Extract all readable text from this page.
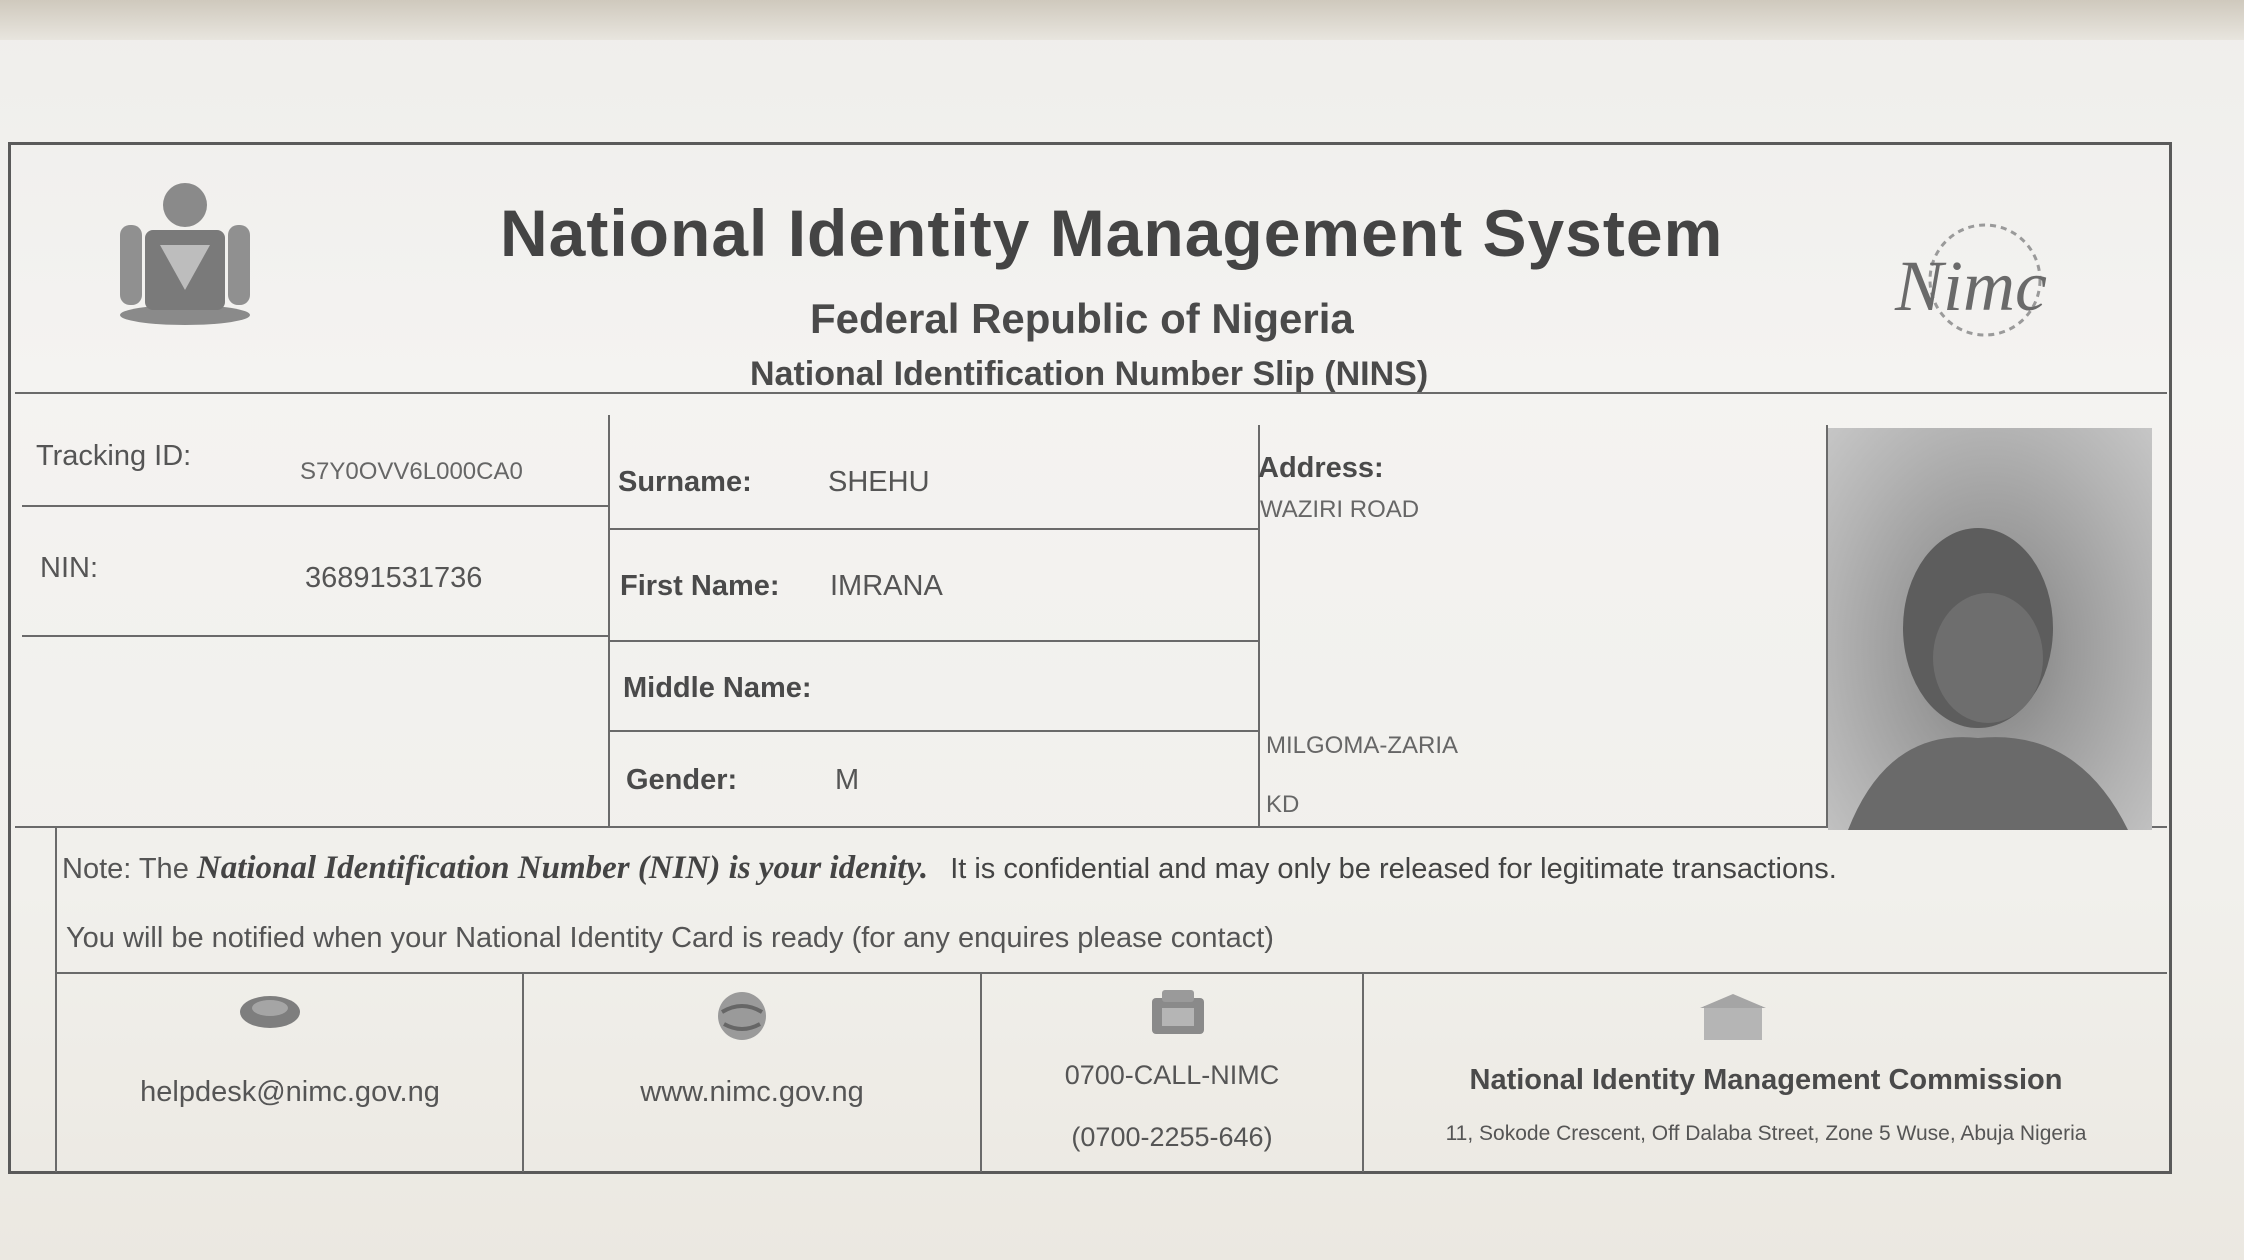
National Identity Management System
Federal Republic of Nigeria
National Identification Number Slip (NINS)
Nimc
Tracking ID:	S7Y0OVV6L000CA0
NIN:	36891531736
Surname:	SHEHU
First Name: IMRANA
Middle Name:
Gender:	M
Address:
WAZIRI ROAD
MILGOMA-ZARIA
KD
Note: The National Identification Number (NIN) is your idenity. It is confidential and may only be released for legitimate transactions.
You will be notified when your National Identity Card is ready (for any enquires please contact)
helpdesk@nimc.gov.ng	www.nimc.gov.ng
0700-CALL-NIMC
(0700-2255-646)
National Identity Management Commission
11, Sokode Crescent, Off Dalaba Street, Zone 5 Wuse, Abuja Nigeria
